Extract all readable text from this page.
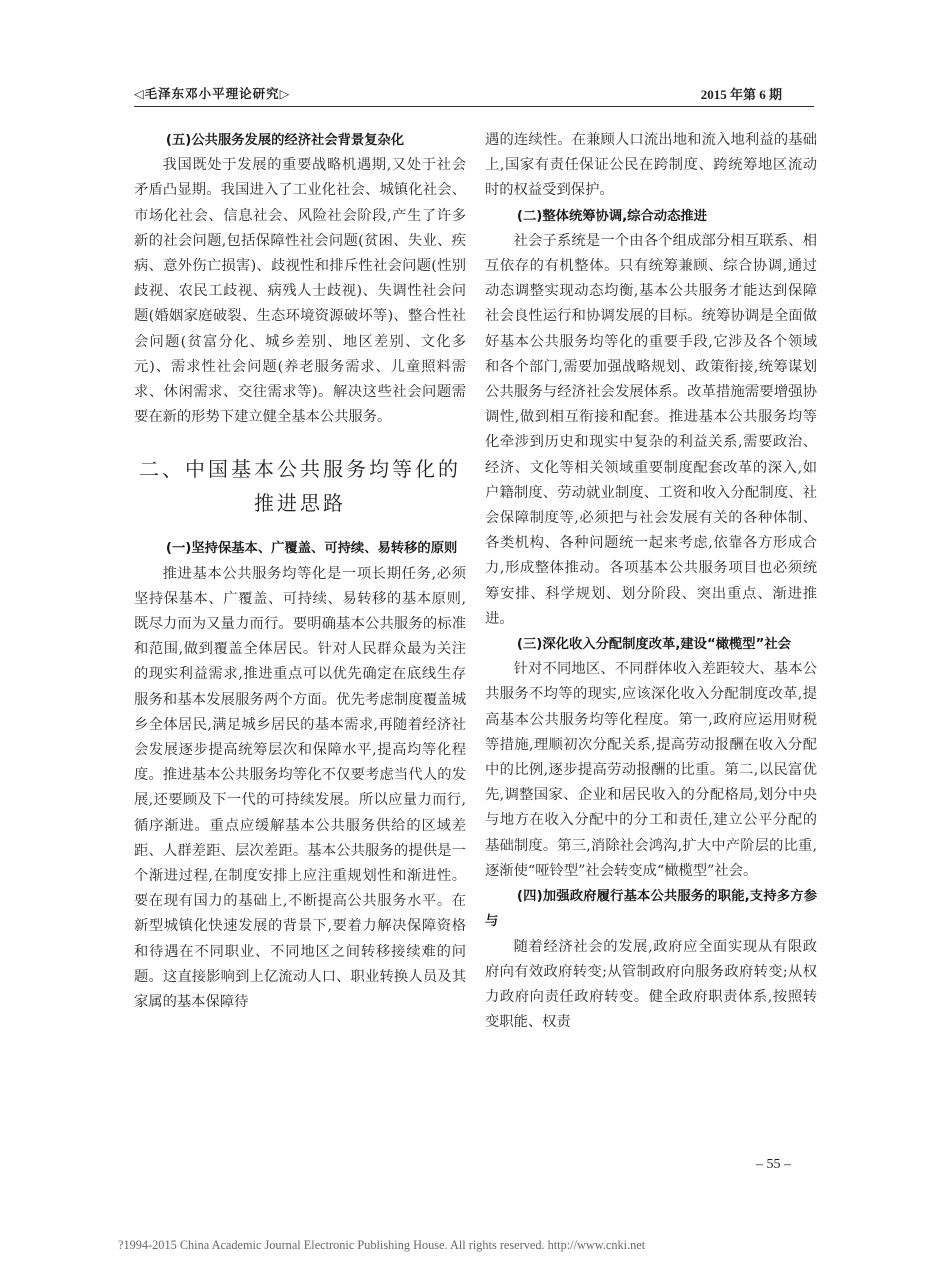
◁毛泽东邓小平理论研究▷	2015 年第 6 期

(五)公共服务发展的经济社会背景复杂化

我国既处于发展的重要战略机遇期,又处于社会矛盾凸显期。我国进入了工业化社会、城镇化社会、市场化社会、信息社会、风险社会阶段,产生了许多新的社会问题,包括保障性社会问题(贫困、失业、疾病、意外伤亡损害)、歧视性和排斥性社会问题(性别歧视、农民工歧视、病残人士歧视)、失调性社会问题(婚姻家庭破裂、生态环境资源破坏等)、整合性社会问题(贫富分化、城乡差别、地区差别、文化多元)、需求性社会问题(养老服务需求、儿童照料需求、休闲需求、交往需求等)。解决这些社会问题需要在新的形势下建立健全基本公共服务。

二、中国基本公共服务均等化的
推进思路

(一)坚持保基本、广覆盖、可持续、易转移的原则

推进基本公共服务均等化是一项长期任务,必须坚持保基本、广覆盖、可持续、易转移的基本原则,既尽力而为又量力而行。要明确基本公共服务的标准和范围,做到覆盖全体居民。针对人民群众最为关注的现实利益需求,推进重点可以优先确定在底线生存服务和基本发展服务两个方面。优先考虑制度覆盖城乡全体居民,满足城乡居民的基本需求,再随着经济社会发展逐步提高统筹层次和保障水平,提高均等化程度。推进基本公共服务均等化不仅要考虑当代人的发展,还要顾及下一代的可持续发展。所以应量力而行,循序渐进。重点应缓解基本公共服务供给的区域差距、人群差距、层次差距。基本公共服务的提供是一个渐进过程,在制度安排上应注重规划性和渐进性。要在现有国力的基础上,不断提高公共服务水平。在新型城镇化快速发展的背景下,要着力解决保障资格和待遇在不同职业、不同地区之间转移接续难的问题。这直接影响到上亿流动人口、职业转换人员及其家属的基本保障待

遇的连续性。在兼顾人口流出地和流入地利益的基础上,国家有责任保证公民在跨制度、跨统筹地区流动时的权益受到保护。

(二)整体统筹协调,综合动态推进

社会子系统是一个由各个组成部分相互联系、相互依存的有机整体。只有统筹兼顾、综合协调,通过动态调整实现动态均衡,基本公共服务才能达到保障社会良性运行和协调发展的目标。统筹协调是全面做好基本公共服务均等化的重要手段,它涉及各个领域和各个部门,需要加强战略规划、政策衔接,统筹谋划公共服务与经济社会发展体系。改革措施需要增强协调性,做到相互衔接和配套。推进基本公共服务均等化牵涉到历史和现实中复杂的利益关系,需要政治、经济、文化等相关领域重要制度配套改革的深入,如户籍制度、劳动就业制度、工资和收入分配制度、社会保障制度等,必须把与社会发展有关的各种体制、各类机构、各种问题统一起来考虑,依靠各方形成合力,形成整体推动。各项基本公共服务项目也必须统筹安排、科学规划、划分阶段、突出重点、渐进推进。

(三)深化收入分配制度改革,建设“橄榄型”社会

针对不同地区、不同群体收入差距较大、基本公共服务不均等的现实,应该深化收入分配制度改革,提高基本公共服务均等化程度。第一,政府应运用财税等措施,理顺初次分配关系,提高劳动报酬在收入分配中的比例,逐步提高劳动报酬的比重。第二,以民富优先,调整国家、企业和居民收入的分配格局,划分中央与地方在收入分配中的分工和责任,建立公平分配的基础制度。第三,消除社会鸿沟,扩大中产阶层的比重,逐渐使“哑铃型”社会转变成“橄榄型”社会。

(四)加强政府履行基本公共服务的职能,支持多方参与

随着经济社会的发展,政府应全面实现从有限政府向有效政府转变;从管制政府向服务政府转变;从权力政府向责任政府转变。健全政府职责体系,按照转变职能、权责

– 55 –
?1994-2015 China Academic Journal Electronic Publishing House. All rights reserved. http://www.cnki.net
